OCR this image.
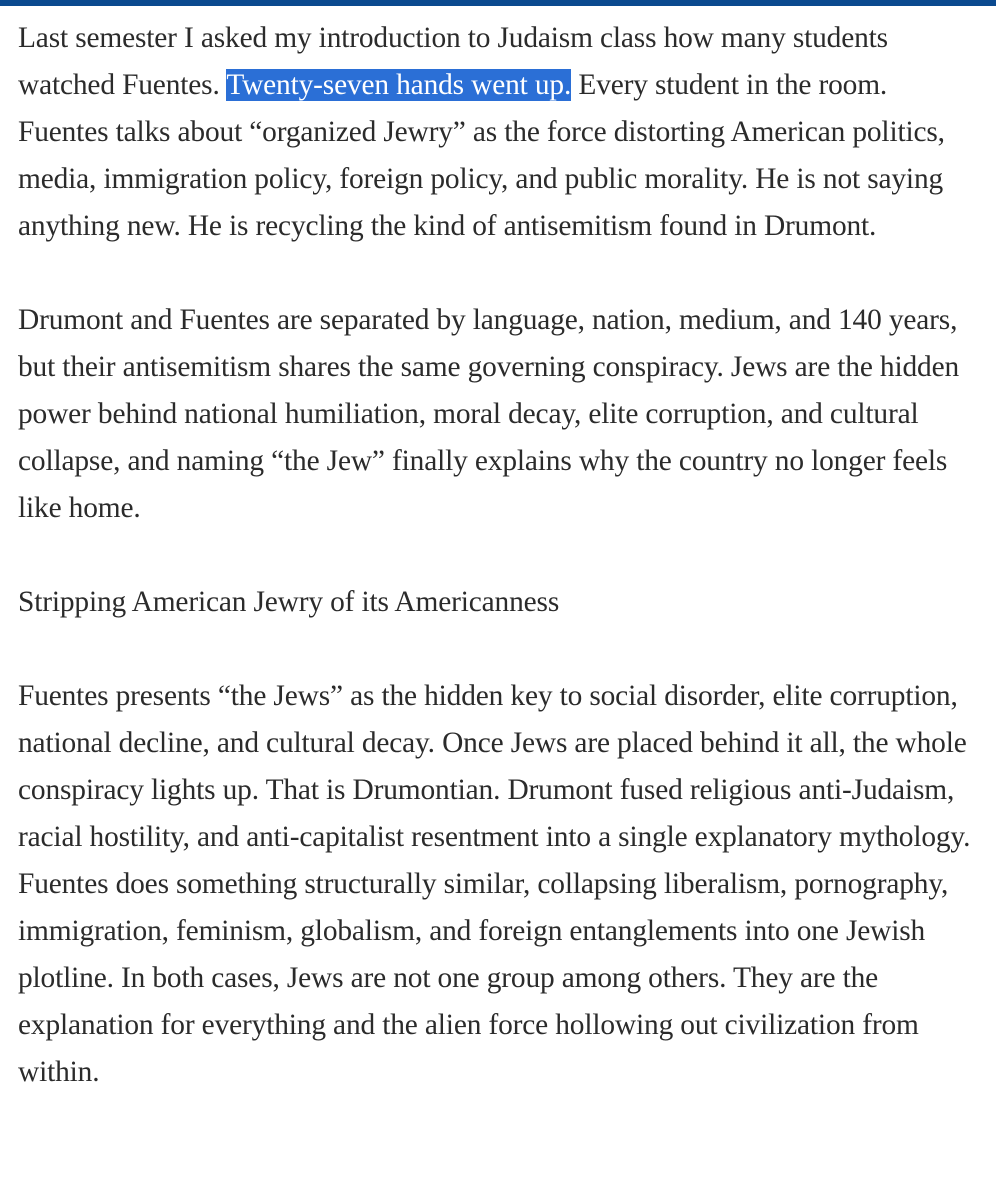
Last semester I asked my introduction to Judaism class how many students watched Fuentes. Twenty-seven hands went up. Every student in the room. Fuentes talks about “organized Jewry” as the force distorting American politics, media, immigration policy, foreign policy, and public morality. He is not saying anything new. He is recycling the kind of antisemitism found in Drumont.

Drumont and Fuentes are separated by language, nation, medium, and 140 years, but their antisemitism shares the same governing conspiracy. Jews are the hidden power behind national humiliation, moral decay, elite corruption, and cultural collapse, and naming “the Jew” finally explains why the country no longer feels like home.

Stripping American Jewry of its Americanness

Fuentes presents “the Jews” as the hidden key to social disorder, elite corruption, national decline, and cultural decay. Once Jews are placed behind it all, the whole conspiracy lights up. That is Drumontian. Drumont fused religious anti-Judaism, racial hostility, and anti-capitalist resentment into a single explanatory mythology. Fuentes does something structurally similar, collapsing liberalism, pornography, immigration, feminism, globalism, and foreign entanglements into one Jewish plotline. In both cases, Jews are not one group among others. They are the explanation for everything and the alien force hollowing out civilization from within.
